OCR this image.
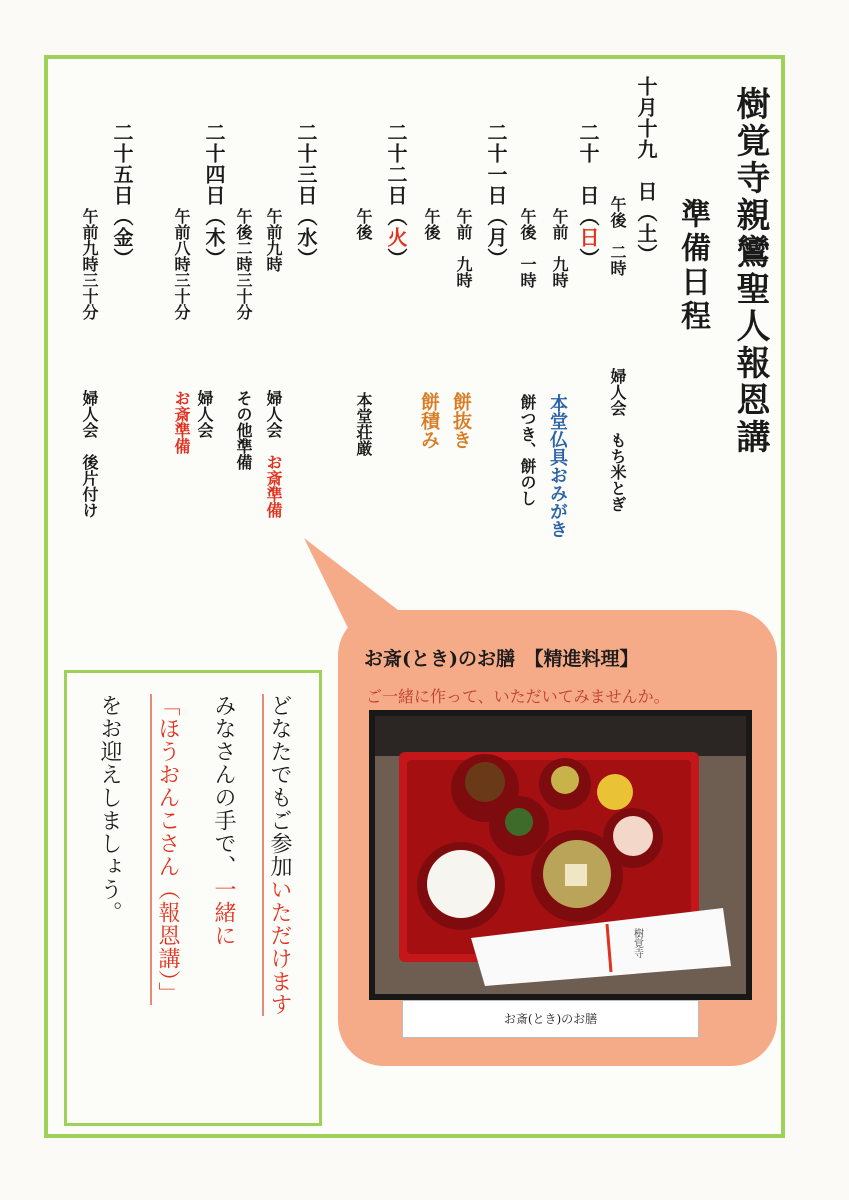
樹覚寺親鸞聖人報恩講
準備日程
十月十九　日（土）
午後　二時
婦人会　もち米とぎ
二十　日（日）
午前　九時
本堂仏具おみがき
午後　一時
餅つき、餅のし
二十一日（月）
午前　九時
午後
餅抜き
餅積み
二十二日（火）
午後
本堂荘厳
二十三日（水）
午前九時
婦人会　お斎準備
午後二時三十分
その他準備
二十四日（木）
午前八時三十分
婦人会
お斎準備
二十五日（金）
午前九時三十分
婦人会　後片付け
お斎(とき)のお膳　【精進料理】
ご一緒に作って、いただいてみませんか。
樹覚寺
お斎(とき)のお膳
どなたでもご参加いただけます
みなさんの手で、一緒に
「ほうおんこさん（報恩講）」
をお迎えしましょう。
